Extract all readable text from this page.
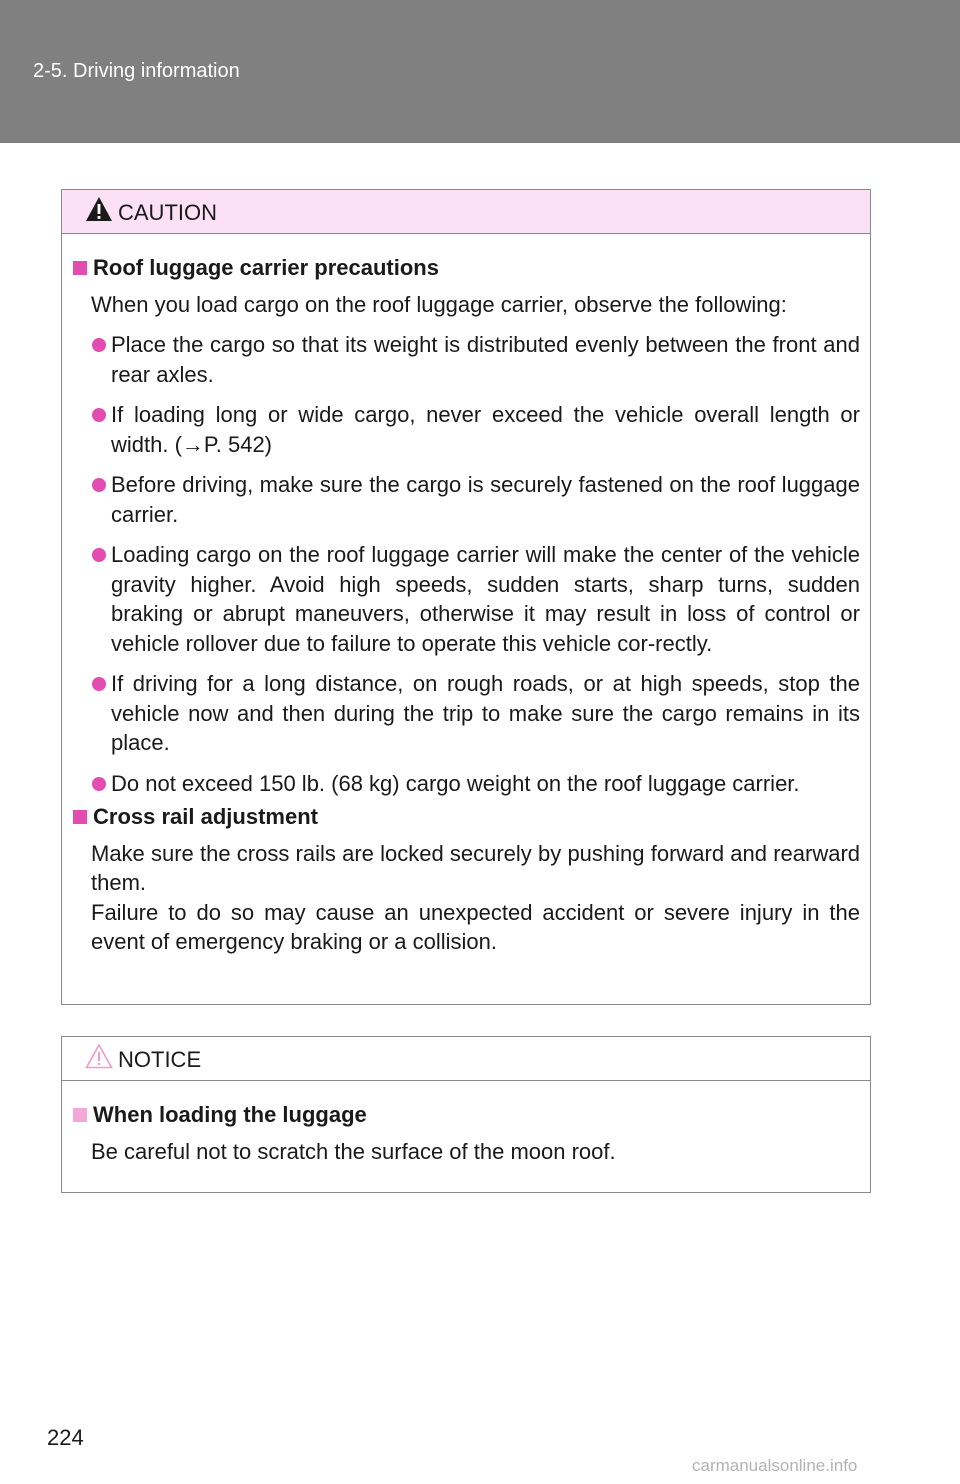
2-5. Driving information
CAUTION
Roof luggage carrier precautions
When you load cargo on the roof luggage carrier, observe the following:
Place the cargo so that its weight is distributed evenly between the front and rear axles.
If loading long or wide cargo, never exceed the vehicle overall length or width. (→P. 542)
Before driving, make sure the cargo is securely fastened on the roof luggage carrier.
Loading cargo on the roof luggage carrier will make the center of the vehicle gravity higher. Avoid high speeds, sudden starts, sharp turns, sudden braking or abrupt maneuvers, otherwise it may result in loss of control or vehicle rollover due to failure to operate this vehicle cor-rectly.
If driving for a long distance, on rough roads, or at high speeds, stop the vehicle now and then during the trip to make sure the cargo remains in its place.
Do not exceed 150 lb. (68 kg) cargo weight on the roof luggage carrier.
Cross rail adjustment
Make sure the cross rails are locked securely by pushing forward and rearward them.
Failure to do so may cause an unexpected accident or severe injury in the event of emergency braking or a collision.
NOTICE
When loading the luggage
Be careful not to scratch the surface of the moon roof.
224
carmanualsonline.info
